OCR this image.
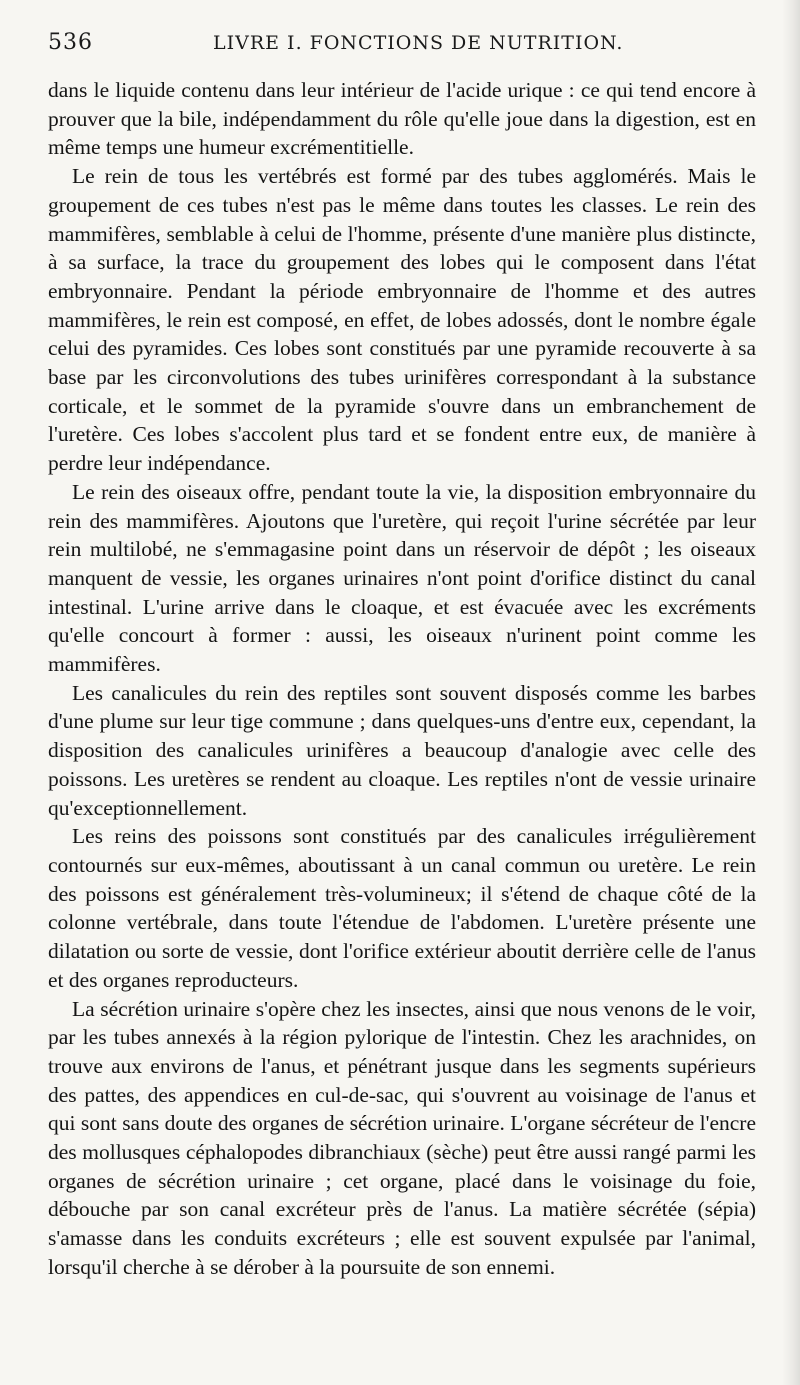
536	LIVRE I. FONCTIONS DE NUTRITION.

dans le liquide contenu dans leur intérieur de l'acide urique : ce qui tend encore à prouver que la bile, indépendamment du rôle qu'elle joue dans la digestion, est en même temps une humeur excrémentitielle.

Le rein de tous les vertébrés est formé par des tubes agglomérés. Mais le groupement de ces tubes n'est pas le même dans toutes les classes. Le rein des mammifères, semblable à celui de l'homme, présente d'une manière plus distincte, à sa surface, la trace du groupement des lobes qui le composent dans l'état embryonnaire. Pendant la période embryonnaire de l'homme et des autres mammifères, le rein est composé, en effet, de lobes adossés, dont le nombre égale celui des pyramides. Ces lobes sont constitués par une pyramide recouverte à sa base par les circonvolutions des tubes urinifères correspondant à la substance corticale, et le sommet de la pyramide s'ouvre dans un embranchement de l'uretère. Ces lobes s'accolent plus tard et se fondent entre eux, de manière à perdre leur indépendance.

Le rein des oiseaux offre, pendant toute la vie, la disposition embryonnaire du rein des mammifères. Ajoutons que l'uretère, qui reçoit l'urine sécrétée par leur rein multilobé, ne s'emmagasine point dans un réservoir de dépôt ; les oiseaux manquent de vessie, les organes urinaires n'ont point d'orifice distinct du canal intestinal. L'urine arrive dans le cloaque, et est évacuée avec les excréments qu'elle concourt à former : aussi, les oiseaux n'urinent point comme les mammifères.

Les canalicules du rein des reptiles sont souvent disposés comme les barbes d'une plume sur leur tige commune ; dans quelques-uns d'entre eux, cependant, la disposition des canalicules urinifères a beaucoup d'analogie avec celle des poissons. Les uretères se rendent au cloaque. Les reptiles n'ont de vessie urinaire qu'exceptionnellement.

Les reins des poissons sont constitués par des canalicules irrégulièrement contournés sur eux-mêmes, aboutissant à un canal commun ou uretère. Le rein des poissons est généralement très-volumineux; il s'étend de chaque côté de la colonne vertébrale, dans toute l'étendue de l'abdomen. L'uretère présente une dilatation ou sorte de vessie, dont l'orifice extérieur aboutit derrière celle de l'anus et des organes reproducteurs.

La sécrétion urinaire s'opère chez les insectes, ainsi que nous venons de le voir, par les tubes annexés à la région pylorique de l'intestin. Chez les arachnides, on trouve aux environs de l'anus, et pénétrant jusque dans les segments supérieurs des pattes, des appendices en cul-de-sac, qui s'ouvrent au voisinage de l'anus et qui sont sans doute des organes de sécrétion urinaire. L'organe sécréteur de l'encre des mollusques céphalopodes dibranchiaux (sèche) peut être aussi rangé parmi les organes de sécrétion urinaire ; cet organe, placé dans le voisinage du foie, débouche par son canal excréteur près de l'anus. La matière sécrétée (sépia) s'amasse dans les conduits excréteurs ; elle est souvent expulsée par l'animal, lorsqu'il cherche à se dérober à la poursuite de son ennemi.
